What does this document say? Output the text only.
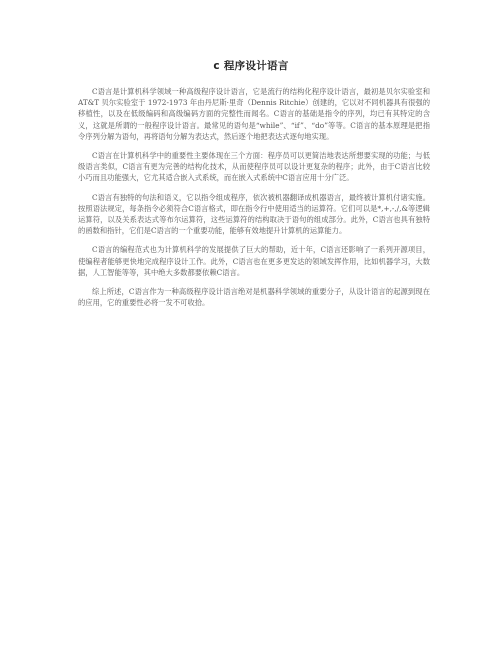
c 程序设计语言

C语言是计算机科学领域一种高级程序设计语言，它是流行的结构化程序设计语言，最初是贝尔实验室和 AT&T 贝尔实验室于 1972-1973 年由丹尼斯·里奇（Dennis Ritchie）创建的，它以对不同机器具有很强的移植性，以及在低级编码和高级编码方面的完整性而闻名。C语言的基础是指令的序列，均已有其特定的含义，这就是所谓的一般程序设计语言。最常见的语句是“while”、“if”、“do”等等。C语言的基本原理是把指令序列分解为语句，再将语句分解为表达式，然后逐个地把表达式逐句地实现。

C语言在计算机科学中的重要性主要体现在三个方面：程序员可以更简洁地表达所想要实现的功能；与低级语言类似，C语言有更为完善的结构化技术，从而使程序员可以设计更复杂的程序；此外，由于C语言比较小巧而且功能强大，它尤其适合嵌入式系统，而在嵌入式系统中C语言应用十分广泛。

C语言有独特的句法和语义，它以指令组成程序，依次被机器翻译成机器语言，最终被计算机付诸实施。按照语法规定，每条指令必须符合C语言格式，即在指令行中使用适当的运算符。它们可以是*,+,-,/,&等逻辑运算符，以及关系表达式等布尔运算符，这些运算符的结构取决于语句的组成部分。此外，C语言也具有独特的函数和指针，它们是C语言的一个重要功能，能够有效地提升计算机的运算能力。

C语言的编程范式也为计算机科学的发展提供了巨大的帮助，近十年，C语言还影响了一系列开源项目，使编程者能够更快地完成程序设计工作。此外，C语言也在更多更发达的领域发挥作用，比如机器学习，大数据，人工智能等等，其中绝大多数都要依赖C语言。

综上所述，C语言作为一种高级程序设计语言绝对是机器科学领域的重要分子，从设计语言的起源到现在的应用，它的重要性必将一发不可收拾。
